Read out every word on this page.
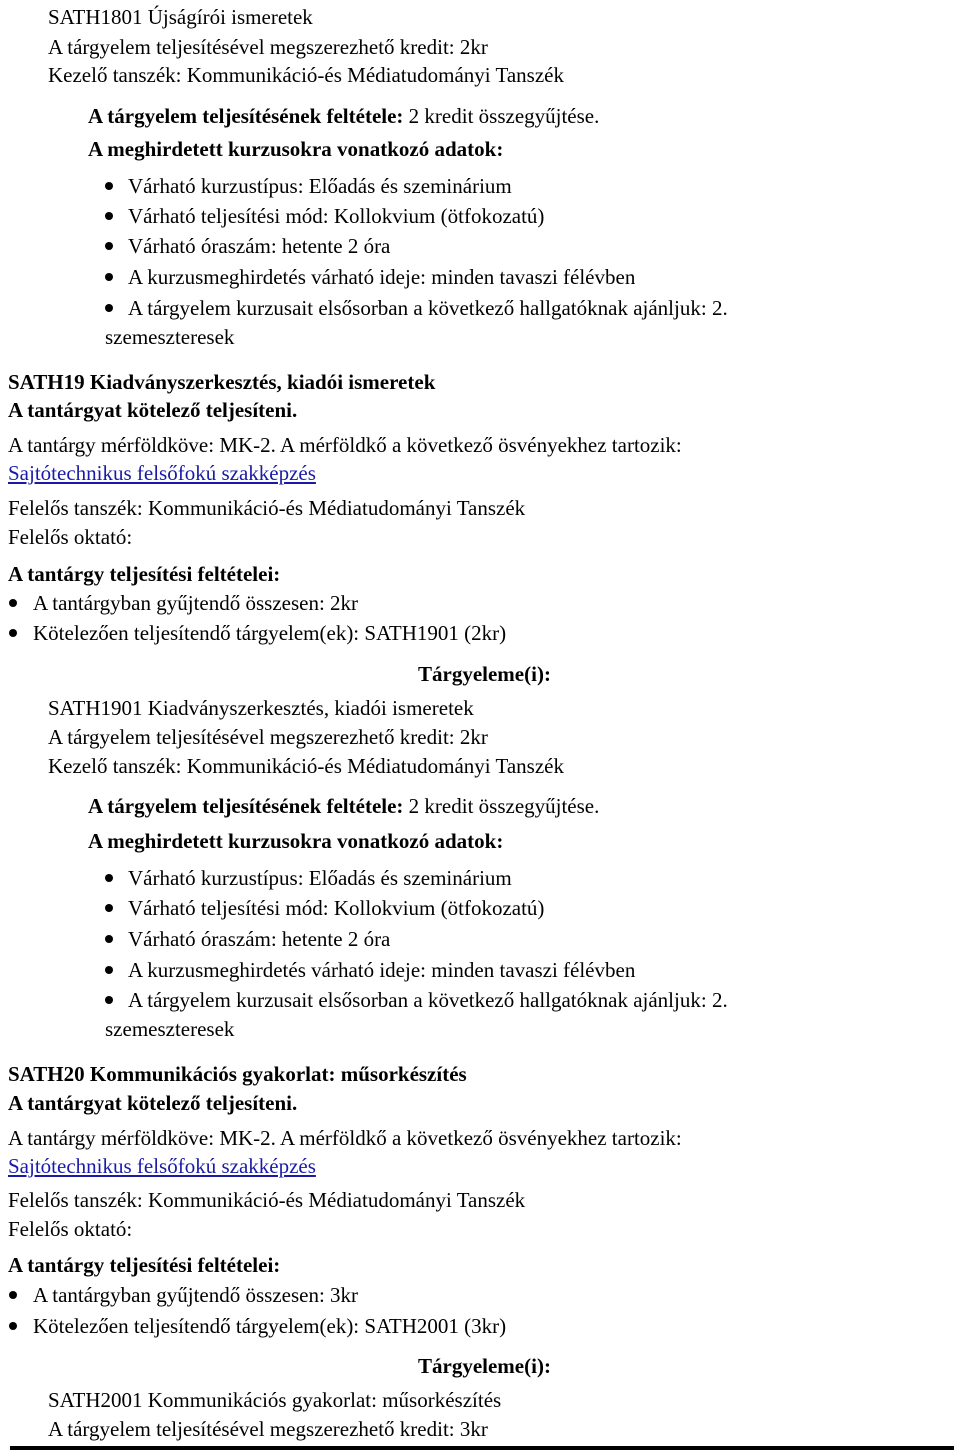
SATH1801 Újságírói ismeretek
A tárgyelem teljesítésével megszerezhető kredit: 2kr
Kezelő tanszék: Kommunikáció-és Médiatudományi Tanszék
A tárgyelem teljesítésének feltétele: 2 kredit összegyűjtése.
A meghirdetett kurzusokra vonatkozó adatok:
Várható kurzustípus: Előadás és szeminárium
Várható teljesítési mód: Kollokvium (ötfokozatú)
Várható óraszám: hetente 2 óra
A kurzusmeghirdetés várható ideje: minden tavaszi félévben
A tárgyelem kurzusait elsősorban a következő hallgatóknak ajánljuk: 2.
szemeszteresek
SATH19 Kiadványszerkesztés, kiadói ismeretek
A tantárgyat kötelező teljesíteni.
A tantárgy mérföldköve: MK-2. A mérföldkő a következő ösvényekhez tartozik:
Sajtótechnikus felsőfokú szakképzés
Felelős tanszék: Kommunikáció-és Médiatudományi Tanszék
Felelős oktató:
A tantárgy teljesítési feltételei:
A tantárgyban gyűjtendő összesen: 2kr
Kötelezően teljesítendő tárgyelem(ek): SATH1901 (2kr)
Tárgyeleme(i):
SATH1901 Kiadványszerkesztés, kiadói ismeretek
A tárgyelem teljesítésével megszerezhető kredit: 2kr
Kezelő tanszék: Kommunikáció-és Médiatudományi Tanszék
A tárgyelem teljesítésének feltétele: 2 kredit összegyűjtése.
A meghirdetett kurzusokra vonatkozó adatok:
Várható kurzustípus: Előadás és szeminárium
Várható teljesítési mód: Kollokvium (ötfokozatú)
Várható óraszám: hetente 2 óra
A kurzusmeghirdetés várható ideje: minden tavaszi félévben
A tárgyelem kurzusait elsősorban a következő hallgatóknak ajánljuk: 2.
szemeszteresek
SATH20 Kommunikációs gyakorlat: műsorkészítés
A tantárgyat kötelező teljesíteni.
A tantárgy mérföldköve: MK-2. A mérföldkő a következő ösvényekhez tartozik:
Sajtótechnikus felsőfokú szakképzés
Felelős tanszék: Kommunikáció-és Médiatudományi Tanszék
Felelős oktató:
A tantárgy teljesítési feltételei:
A tantárgyban gyűjtendő összesen: 3kr
Kötelezően teljesítendő tárgyelem(ek): SATH2001 (3kr)
Tárgyeleme(i):
SATH2001 Kommunikációs gyakorlat: műsorkészítés
A tárgyelem teljesítésével megszerezhető kredit: 3kr
